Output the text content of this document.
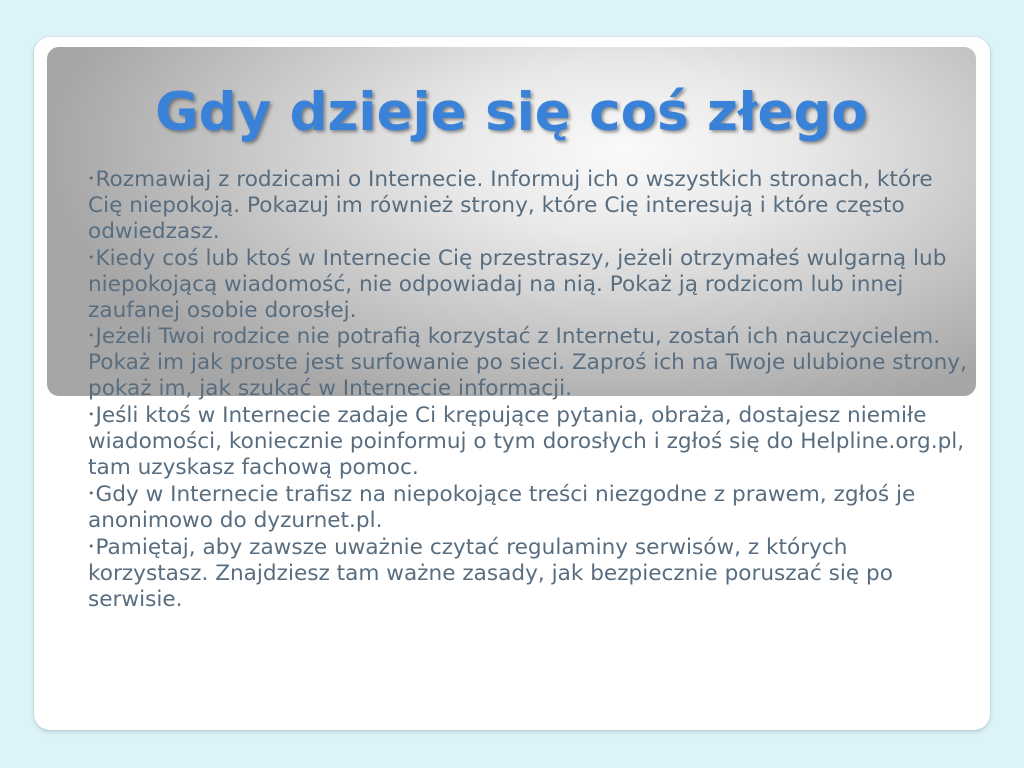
Gdy dzieje się coś złego
•Rozmawiaj z rodzicami o Internecie. Informuj ich o wszystkich stronach, które Cię niepokoją. Pokazuj im również strony, które Cię interesują i które często odwiedzasz.
•Kiedy coś lub ktoś w Internecie Cię przestraszy, jeżeli otrzymałeś wulgarną lub niepokojącą wiadomość, nie odpowiadaj na nią. Pokaż ją rodzicom lub innej zaufanej osobie dorosłej.
•Jeżeli Twoi rodzice nie potrafią korzystać z Internetu, zostań ich nauczycielem. Pokaż im jak proste jest surfowanie po sieci. Zaproś ich na Twoje ulubione strony, pokaż im, jak szukać w Internecie informacji.
•Jeśli ktoś w Internecie zadaje Ci krępujące pytania, obraża, dostajesz niemiłe wiadomości, koniecznie poinformuj o tym dorosłych i zgłoś się do Helpline.org.pl, tam uzyskasz fachową pomoc.
•Gdy w Internecie trafisz na niepokojące treści niezgodne z prawem, zgłoś je anonimowo do dyzurnet.pl.
•Pamiętaj, aby zawsze uważnie czytać regulaminy serwisów, z których korzystasz. Znajdziesz tam ważne zasady, jak bezpiecznie poruszać się po serwisie.
